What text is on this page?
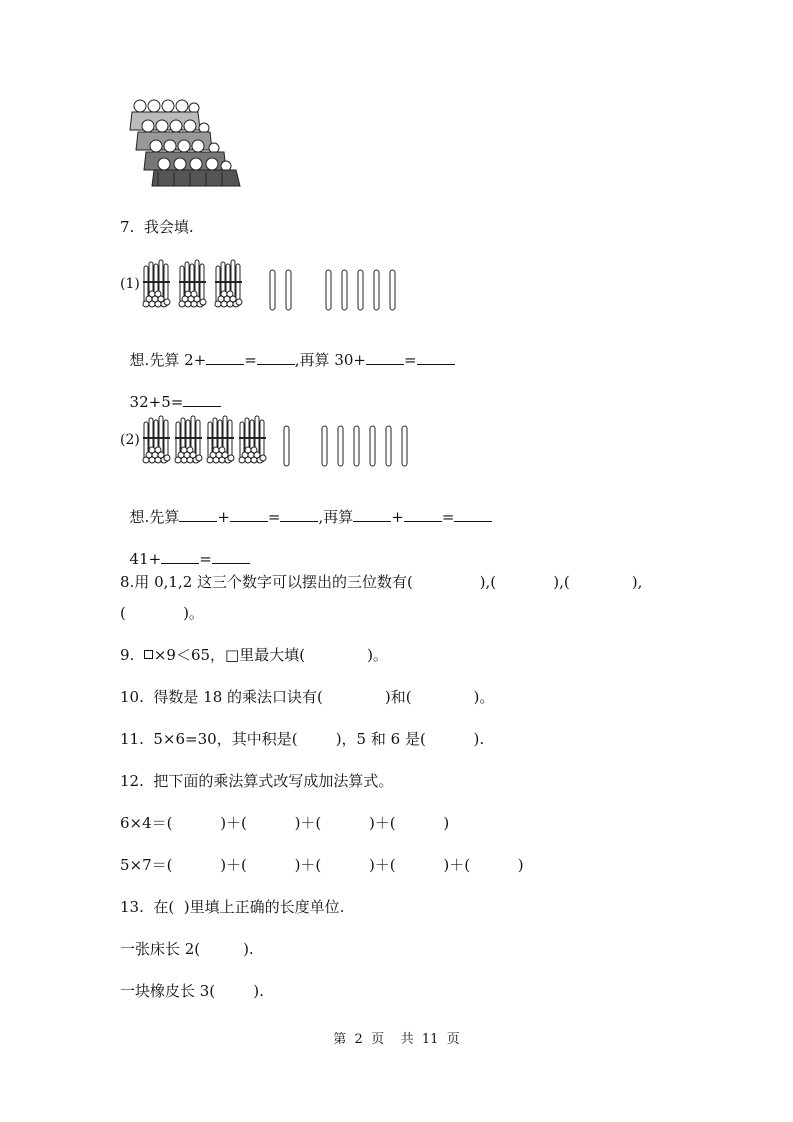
7.  我会填.
(1)

想.先算 2+	=	,再算 30+	=

32+5=

(2)

想.先算	+	=	,再算	+	=

41+	=

8.用 0,1,2 这三个数字可以摆出的三位数有(              ),(            ),(             ),
(            )。
9.  ×9＜65，□里最大填(             )。
10.  得数是 18 的乘法口诀有(             )和(             )。
11.  5×6=30，其中积是(        )，5 和 6 是(          ).
12.  把下面的乘法算式改写成加法算式。
6×4＝(          )＋(          )＋(          )＋(          )
5×7＝(          )＋(          )＋(          )＋(          )＋(          )
13.  在(  )里填上正确的长度单位.
一张床长 2(         ).
一块橡皮长 3(        ).
第  2  页    共  11  页
